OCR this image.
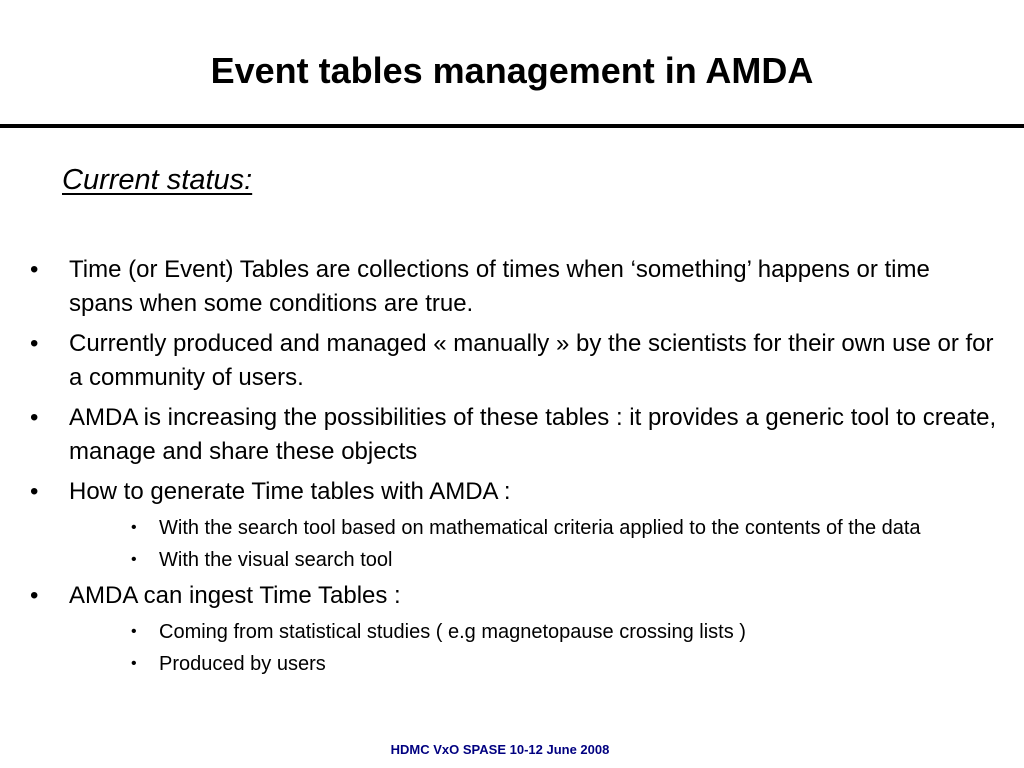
Event tables management in AMDA
Current status:
• Time (or Event) Tables are collections of times when ‘something’ happens or time spans when some conditions are true.
• Currently produced and managed « manually » by the scientists for their own use or for a community of users.
• AMDA is increasing the possibilities of these tables : it provides a generic tool to create, manage and share these objects
• How to generate Time tables with AMDA :
• With the search tool based on mathematical criteria applied to the contents of the data
• With the visual search tool
• AMDA can ingest Time Tables :
• Coming from statistical studies ( e.g magnetopause crossing lists )
• Produced by users
HDMC VxO SPASE 10-12 June 2008
